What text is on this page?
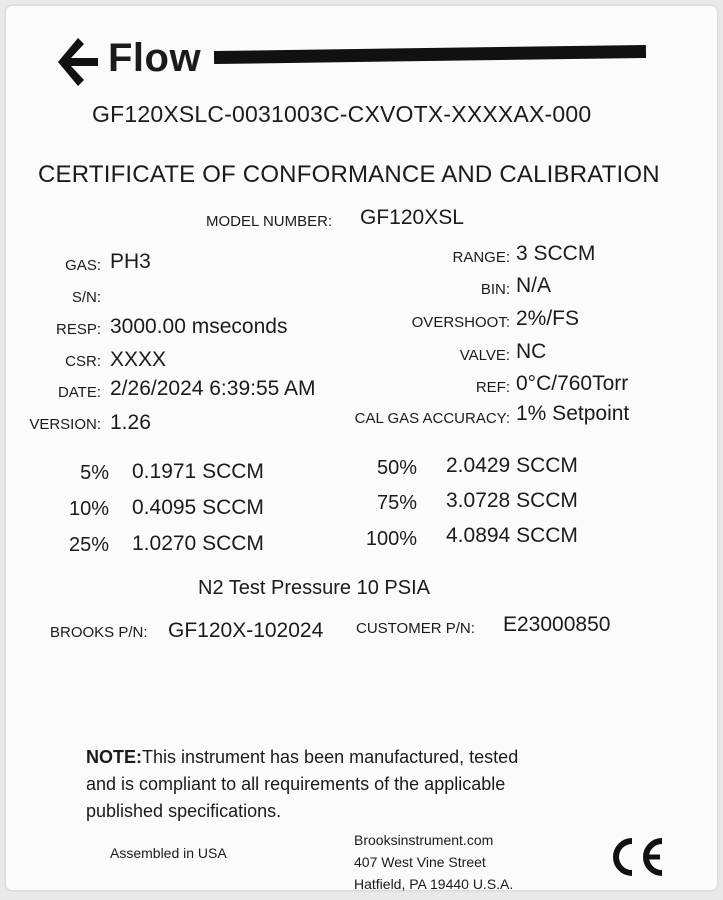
Flow
GF120XSLC-0031003C-CXVOTX-XXXXAX-000
CERTIFICATE OF CONFORMANCE AND CALIBRATION
MODEL NUMBER: GF120XSL
GAS: PH3
S/N:
RESP: 3000.00 mseconds
CSR: XXXX
DATE: 2/26/2024 6:39:55 AM
VERSION: 1.26
RANGE: 3 SCCM
BIN: N/A
OVERSHOOT: 2%/FS
VALVE: NC
REF: 0°C/760Torr
CAL GAS ACCURACY: 1% Setpoint
5% 0.1971 SCCM
10% 0.4095 SCCM
25% 1.0270 SCCM
50% 2.0429 SCCM
75% 3.0728 SCCM
100% 4.0894 SCCM
N2 Test Pressure 10 PSIA
BROOKS P/N: GF120X-102024 CUSTOMER P/N: E23000850
NOTE:This instrument has been manufactured, tested
and is compliant to all requirements of the applicable
published specifications.
Assembled in USA
Brooksinstrument.com
407 West Vine Street
Hatfield, PA 19440 U.S.A.
